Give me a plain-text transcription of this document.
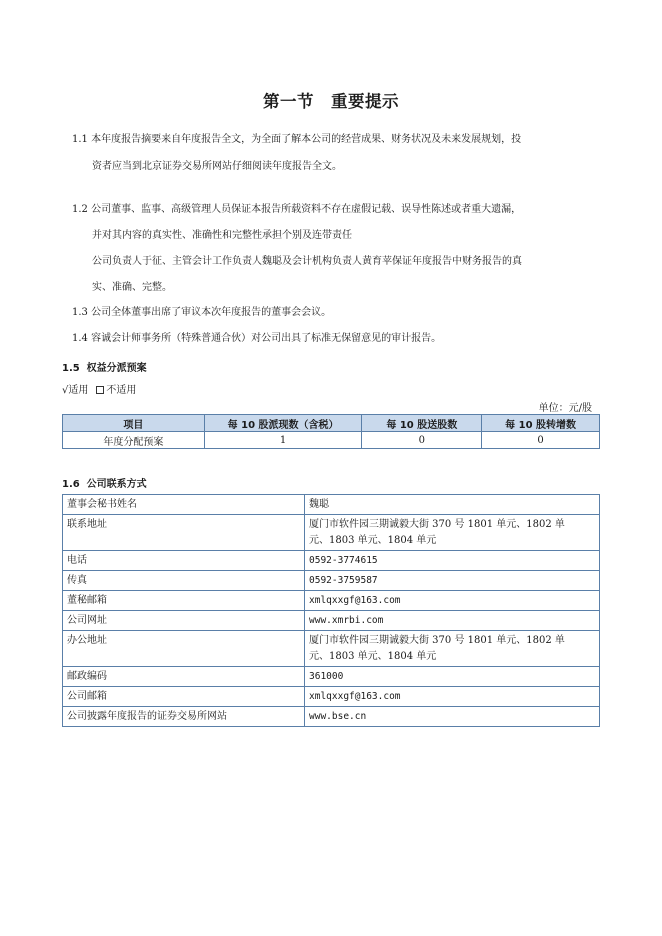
第一节　重要提示
1.1 本年度报告摘要来自年度报告全文，为全面了解本公司的经营成果、财务状况及未来发展规划，投
资者应当到北京证券交易所网站仔细阅读年度报告全文。
1.2 公司董事、监事、高级管理人员保证本报告所载资料不存在虚假记载、误导性陈述或者重大遗漏，
并对其内容的真实性、准确性和完整性承担个别及连带责任
公司负责人于征、主管会计工作负责人魏聪及会计机构负责人黄育苹保证年度报告中财务报告的真
实、准确、完整。
1.3 公司全体董事出席了审议本次年度报告的董事会会议。
1.4 容诚会计师事务所（特殊普通合伙）对公司出具了标准无保留意见的审计报告。
1.5  权益分派预案
√适用 不适用
单位：元/股
项目	每 10 股派现数（含税）	每 10 股送股数	每 10 股转增数
年度分配预案	1	0	0
1.6  公司联系方式
董事会秘书姓名	魏聪
联系地址	厦门市软件园三期诚毅大街 370 号 1801 单元、1802 单
元、1803 单元、1804 单元

电话	0592-3774615
传真	0592-3759587
董秘邮箱	xmlqxxgf@163.com
公司网址	www.xmrbi.com
办公地址	厦门市软件园三期诚毅大街 370 号 1801 单元、1802 单
元、1803 单元、1804 单元

邮政编码	361000
公司邮箱	xmlqxxgf@163.com
公司披露年度报告的证券交易所网站	www.bse.cn
